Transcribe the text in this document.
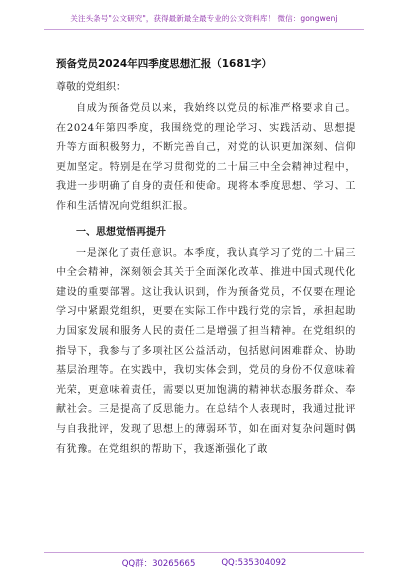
关注头条号"公文研究"，获得最新最全最专业的公文资料库！ 微信：gongwenj
预备党员2024年四季度思想汇报（1681字）

尊敬的党组织：

自成为预备党员以来，我始终以党员的标准严格要求自己。在2024年第四季度，我围绕党的理论学习、实践活动、思想提升等方面积极努力，不断完善自己，对党的认识更加深刻、信仰更加坚定。特别是在学习贯彻党的二十届三中全会精神过程中，我进一步明确了自身的责任和使命。现将本季度思想、学习、工作和生活情况向党组织汇报。

一、思想觉悟再提升

一是深化了责任意识。本季度，我认真学习了党的二十届三中全会精神，深刻领会其关于全面深化改革、推进中国式现代化建设的重要部署。这让我认识到，作为预备党员，不仅要在理论学习中紧跟党组织，更要在实际工作中践行党的宗旨，承担起助力国家发展和服务人民的责任二是增强了担当精神。在党组织的指导下，我参与了多项社区公益活动，包括慰问困难群众、协助基层治理等。在实践中，我切实体会到，党员的身份不仅意味着光荣，更意味着责任，需要以更加饱满的精神状态服务群众、奉献社会。三是提高了反思能力。在总结个人表现时，我通过批评与自我批评，发现了思想上的薄弱环节，如在面对复杂问题时偶有犹豫。在党组织的帮助下，我逐渐强化了敢

QQ群：30265665	QQ:535304092
